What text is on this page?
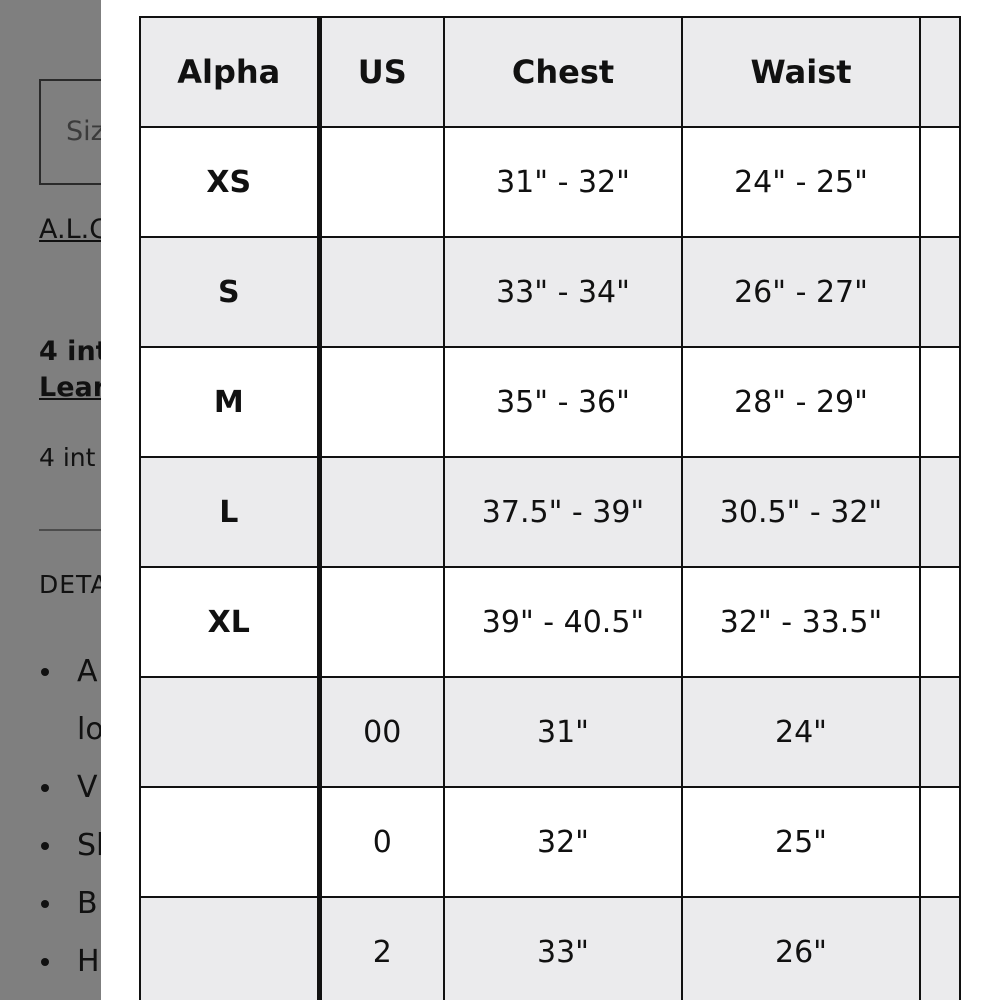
Alpha	US	Chest	Waist	
XS		31" - 32"	24" - 25"	
S		33" - 34"	26" - 27"	
M		35" - 36"	28" - 29"	
L		37.5" - 39"	30.5" - 32"	
XL		39" - 40.5"	32" - 33.5"	
	00	31"	24"	
	0	32"	25"	
	2	33"	26"	
